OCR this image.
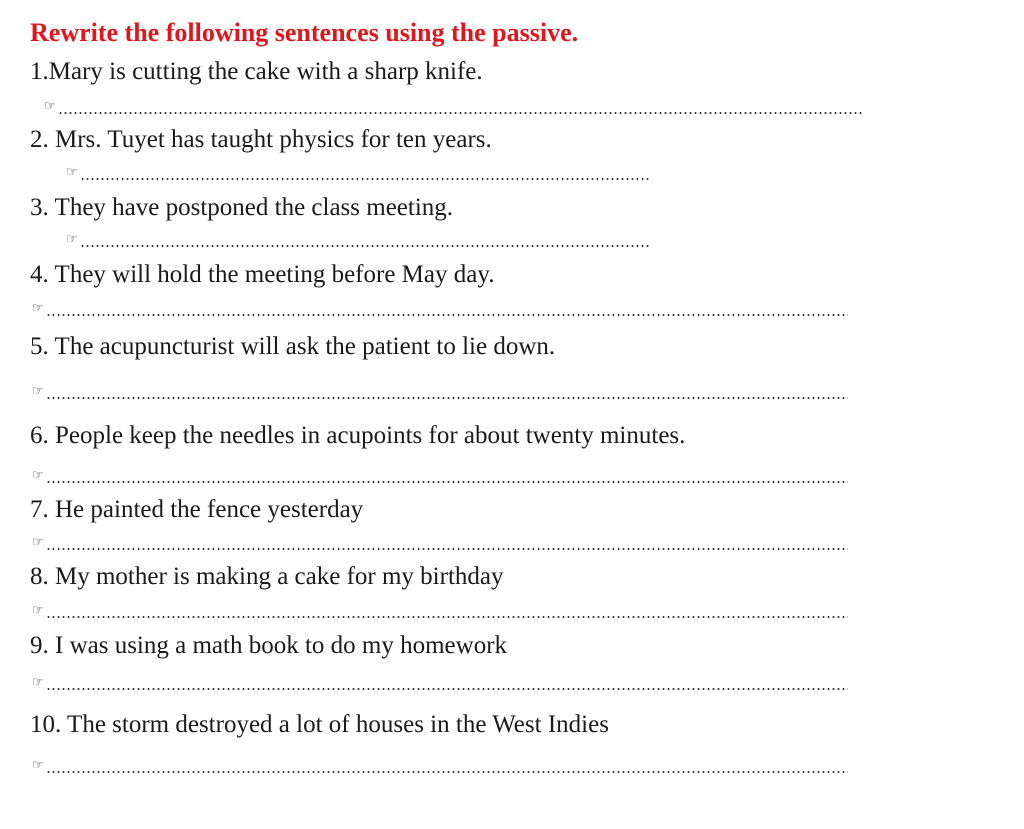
Rewrite the following sentences using the passive.
1.Mary is cutting the cake with a sharp knife.
☞
2. Mrs. Tuyet has taught physics for ten years.
☞
3. They have postponed the class meeting.
☞
4. They will hold the meeting before May day.
☞
5. The acupuncturist will ask the patient to lie down.
☞
6. People keep the needles in acupoints for about twenty minutes.
☞
7. He painted the fence yesterday
☞
8. My mother is making a cake for my birthday
☞
9. I was using a math book to do my homework
☞
10. The storm destroyed a lot of houses in the West Indies
☞
